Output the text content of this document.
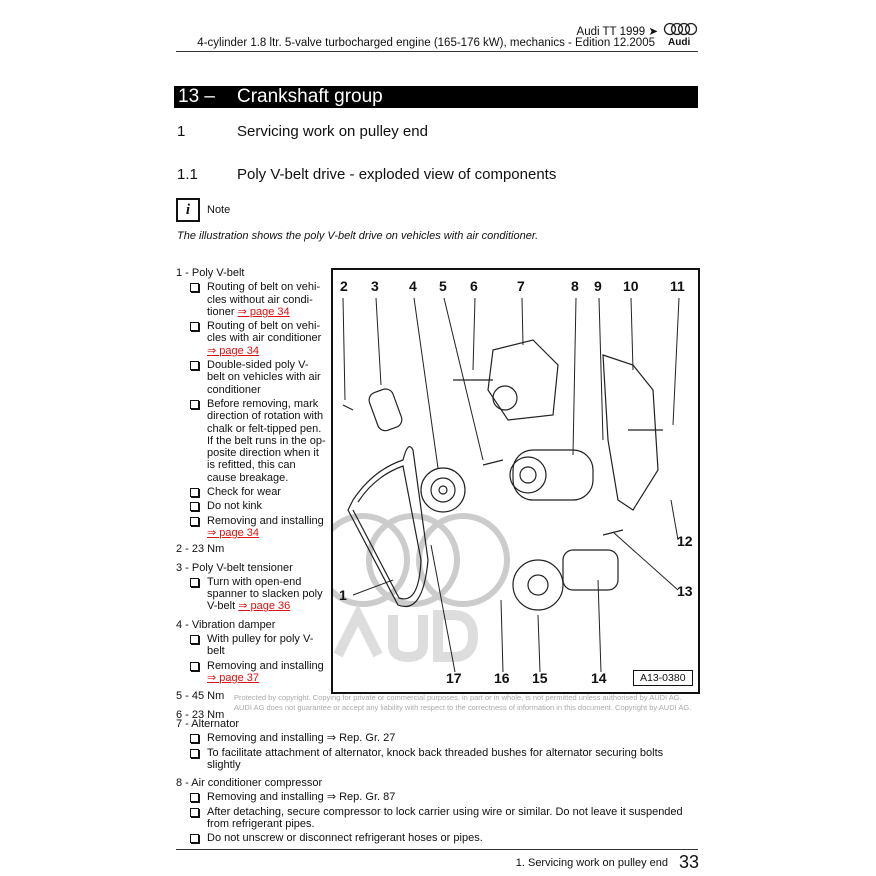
Audi TT 1999 ➤
4-cylinder 1.8 ltr. 5-valve turbocharged engine (165-176 kW), mechanics - Edition 12.2005 Audi
13 – Crankshaft group
1	Servicing work on pulley end
1.1	Poly V-belt drive - exploded view of components
i	Note
The illustration shows the poly V-belt drive on vehicles with air conditioner.
1 - Poly V-belt
Routing of belt on vehi-cles without air condi-tioner ⇒ page 34
Routing of belt on vehi-cles with air conditioner
⇒ page 34
Double-sided poly V-belt on vehicles with air conditioner
Before removing, mark direction of rotation with chalk or felt-tipped pen. If the belt runs in the op-posite direction when it is refitted, this can cause breakage.
Check for wear
Do not kink
Removing and installing
⇒ page 34
2 - 23 Nm
3 - Poly V-belt tensioner
Turn with open-end spanner to slacken poly V-belt ⇒ page 36
4 - Vibration damper
With pulley for poly V-belt
Removing and installing
⇒ page 37
5 - 45 Nm
6 - 23 Nm
2 3 4 5 6	7	8 9 10 11
12
13
1
17 16 15	14	A13-0380
Protected by copyright. Copying for private or commercial purposes, in part or in whole, is not permitted unless authorised by AUDI AG. AUDI AG does not guarantee or accept any liability with respect to the correctness of information in this document. Copyright by AUDI AG.
7 - Alternator
Removing and installing ⇒ Rep. Gr. 27
To facilitate attachment of alternator, knock back threaded bushes for alternator securing bolts slightly
8 - Air conditioner compressor
Removing and installing ⇒ Rep. Gr. 87
After detaching, secure compressor to lock carrier using wire or similar. Do not leave it suspended from refrigerant pipes.
Do not unscrew or disconnect refrigerant hoses or pipes.
1. Servicing work on pulley end 33
